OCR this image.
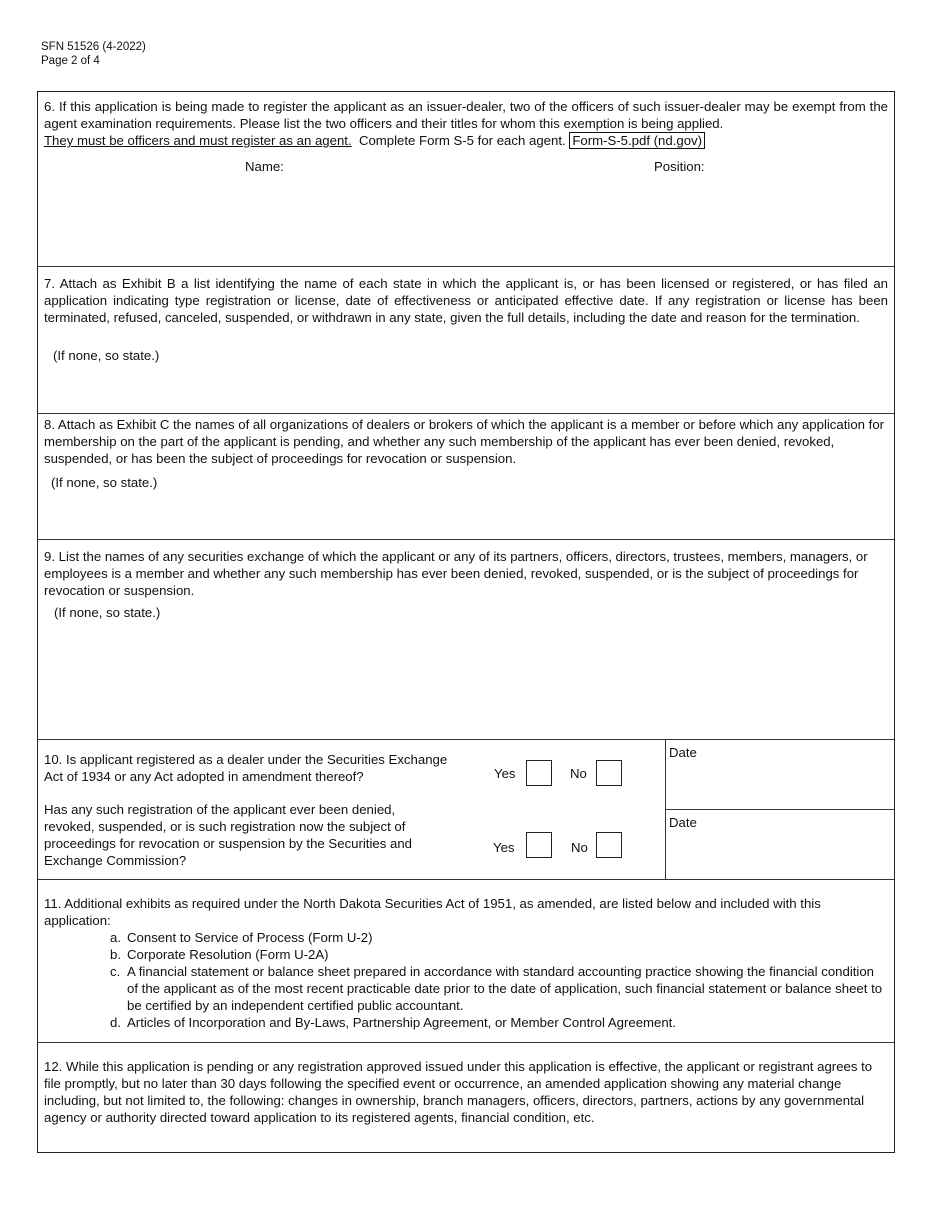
SFN 51526 (4-2022)
Page 2 of 4
6. If this application is being made to register the applicant as an issuer-dealer, two of the officers of such issuer-dealer may be exempt from the agent examination requirements. Please list the two officers and their titles for whom this exemption is being applied.
They must be officers and must register as an agent. Complete Form S-5 for each agent. Form-S-5.pdf (nd.gov)
Name:	Position:
7. Attach as Exhibit B a list identifying the name of each state in which the applicant is, or has been licensed or registered, or has filed an application indicating type registration or license, date of effectiveness or anticipated effective date. If any registration or license has been terminated, refused, canceled, suspended, or withdrawn in any state, given the full details, including the date and reason for the termination.
(If none, so state.)
8. Attach as Exhibit C the names of all organizations of dealers or brokers of which the applicant is a member or before which any application for membership on the part of the applicant is pending, and whether any such membership of the applicant has ever been denied, revoked, suspended, or has been the subject of proceedings for revocation or suspension.
(If none, so state.)
9. List the names of any securities exchange of which the applicant or any of its partners, officers, directors, trustees, members, managers, or employees is a member and whether any such membership has ever been denied, revoked, suspended, or is the subject of proceedings for revocation or suspension.
(If none, so state.)
10. Is applicant registered as a dealer under the Securities Exchange Act of 1934 or any Act adopted in amendment thereof?	Yes	No
Has any such registration of the applicant ever been denied, revoked, suspended, or is such registration now the subject of proceedings for revocation or suspension by the Securities and Exchange Commission?
Yes	No
Date
Date
11. Additional exhibits as required under the North Dakota Securities Act of 1951, as amended, are listed below and included with this application:
a. Consent to Service of Process (Form U-2)
b. Corporate Resolution (Form U-2A)
c. A financial statement or balance sheet prepared in accordance with standard accounting practice showing the financial condition of the applicant as of the most recent practicable date prior to the date of application, such financial statement or balance sheet to be certified by an independent certified public accountant.
d. Articles of Incorporation and By-Laws, Partnership Agreement, or Member Control Agreement.
12. While this application is pending or any registration approved issued under this application is effective, the applicant or registrant agrees to file promptly, but no later than 30 days following the specified event or occurrence, an amended application showing any material change including, but not limited to, the following: changes in ownership, branch managers, officers, directors, partners, actions by any governmental agency or authority directed toward application to its registered agents, financial condition, etc.
